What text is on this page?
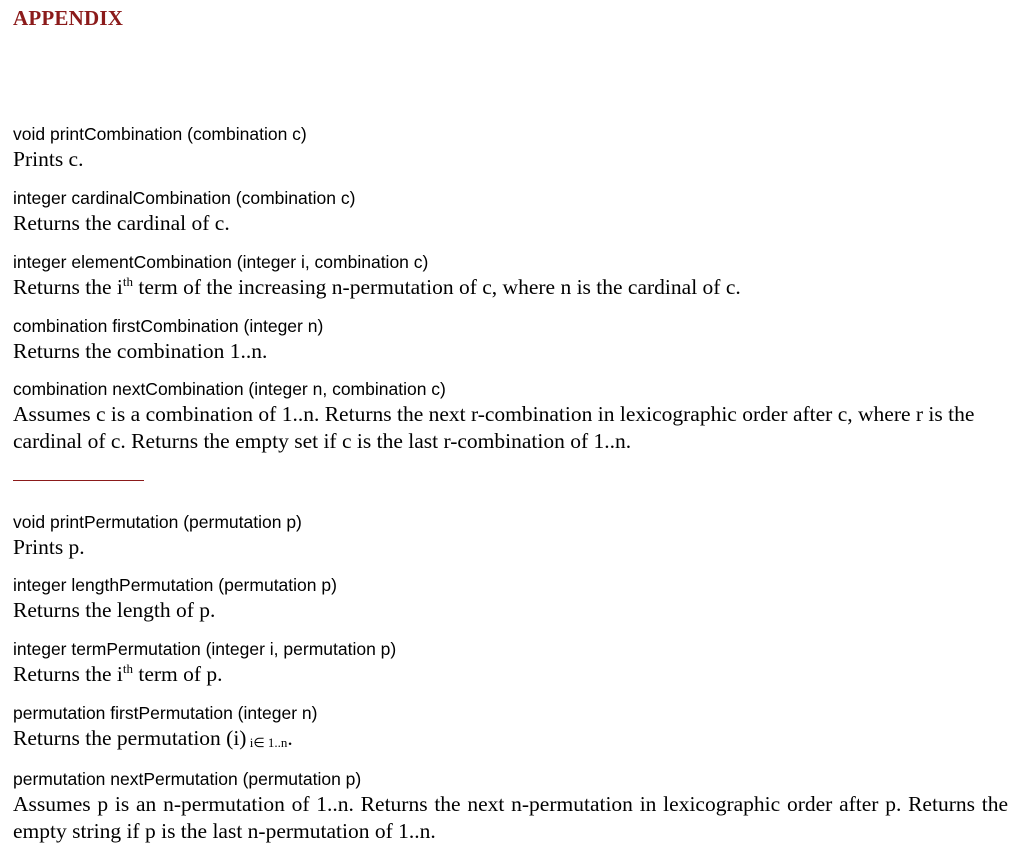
APPENDIX

void printCombination (combination c)

Prints c.

integer cardinalCombination (combination c)

Returns the cardinal of c.

integer elementCombination (integer i, combination c)

Returns the $i^{th}$ term of the increasing n-permutation of c, where n is the cardinal of c.

combination firstCombination (integer n)

Returns the combination 1..n.

combination nextCombination (integer n, combination c)

Assumes c is a combination of 1..n. Returns the next r-combination in lexicographic order after c, where r is the cardinal of c. Returns the empty set if c is the last r-combination of 1..n.

void printPermutation (permutation p)

Prints p.

integer lengthPermutation (permutation p)

Returns the length of p.

integer termPermutation (integer i, permutation p)

Returns the $i^{th}$ term of p.

permutation firstPermutation (integer n)

Returns the permutation (i) $_{i\in 1..n}$.

permutation nextPermutation (permutation p)

Assumes p is an n-permutation of 1..n. Returns the next n-permutation in lexicographic order after p. Returns the empty string if p is the last n-permutation of 1..n.
